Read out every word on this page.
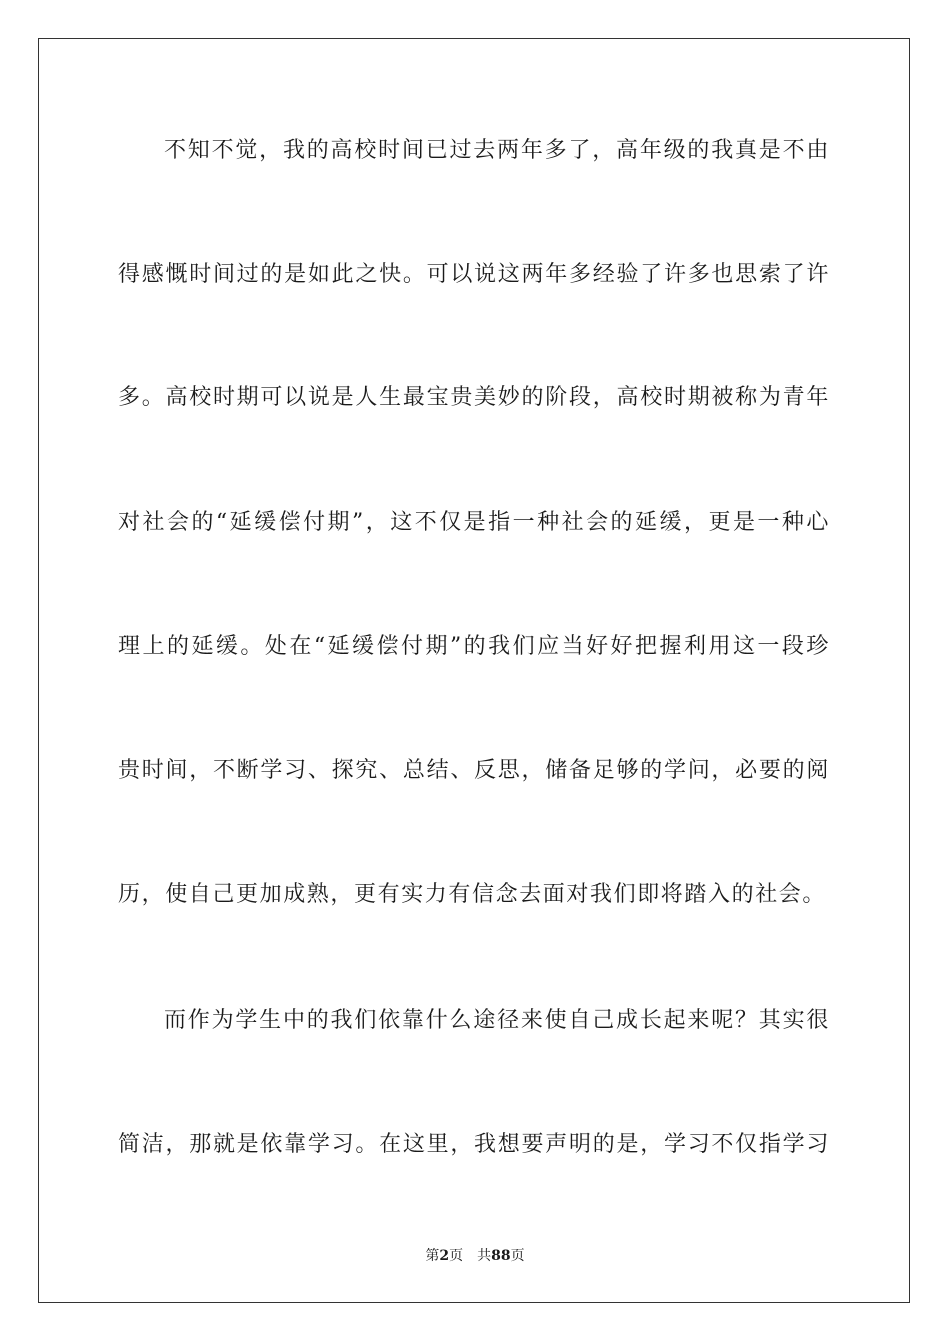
不知不觉，我的高校时间已过去两年多了，高年级的我真是不由
得感慨时间过的是如此之快。可以说这两年多经验了许多也思索了许
多。高校时期可以说是人生最宝贵美妙的阶段，高校时期被称为青年
对社会的“延缓偿付期”，这不仅是指一种社会的延缓，更是一种心
理上的延缓。处在“延缓偿付期”的我们应当好好把握利用这一段珍
贵时间，不断学习、探究、总结、反思，储备足够的学问，必要的阅
历，使自己更加成熟，更有实力有信念去面对我们即将踏入的社会。
而作为学生中的我们依靠什么途径来使自己成长起来呢？其实很
简洁，那就是依靠学习。在这里，我想要声明的是，学习不仅指学习
第2页 共88页
